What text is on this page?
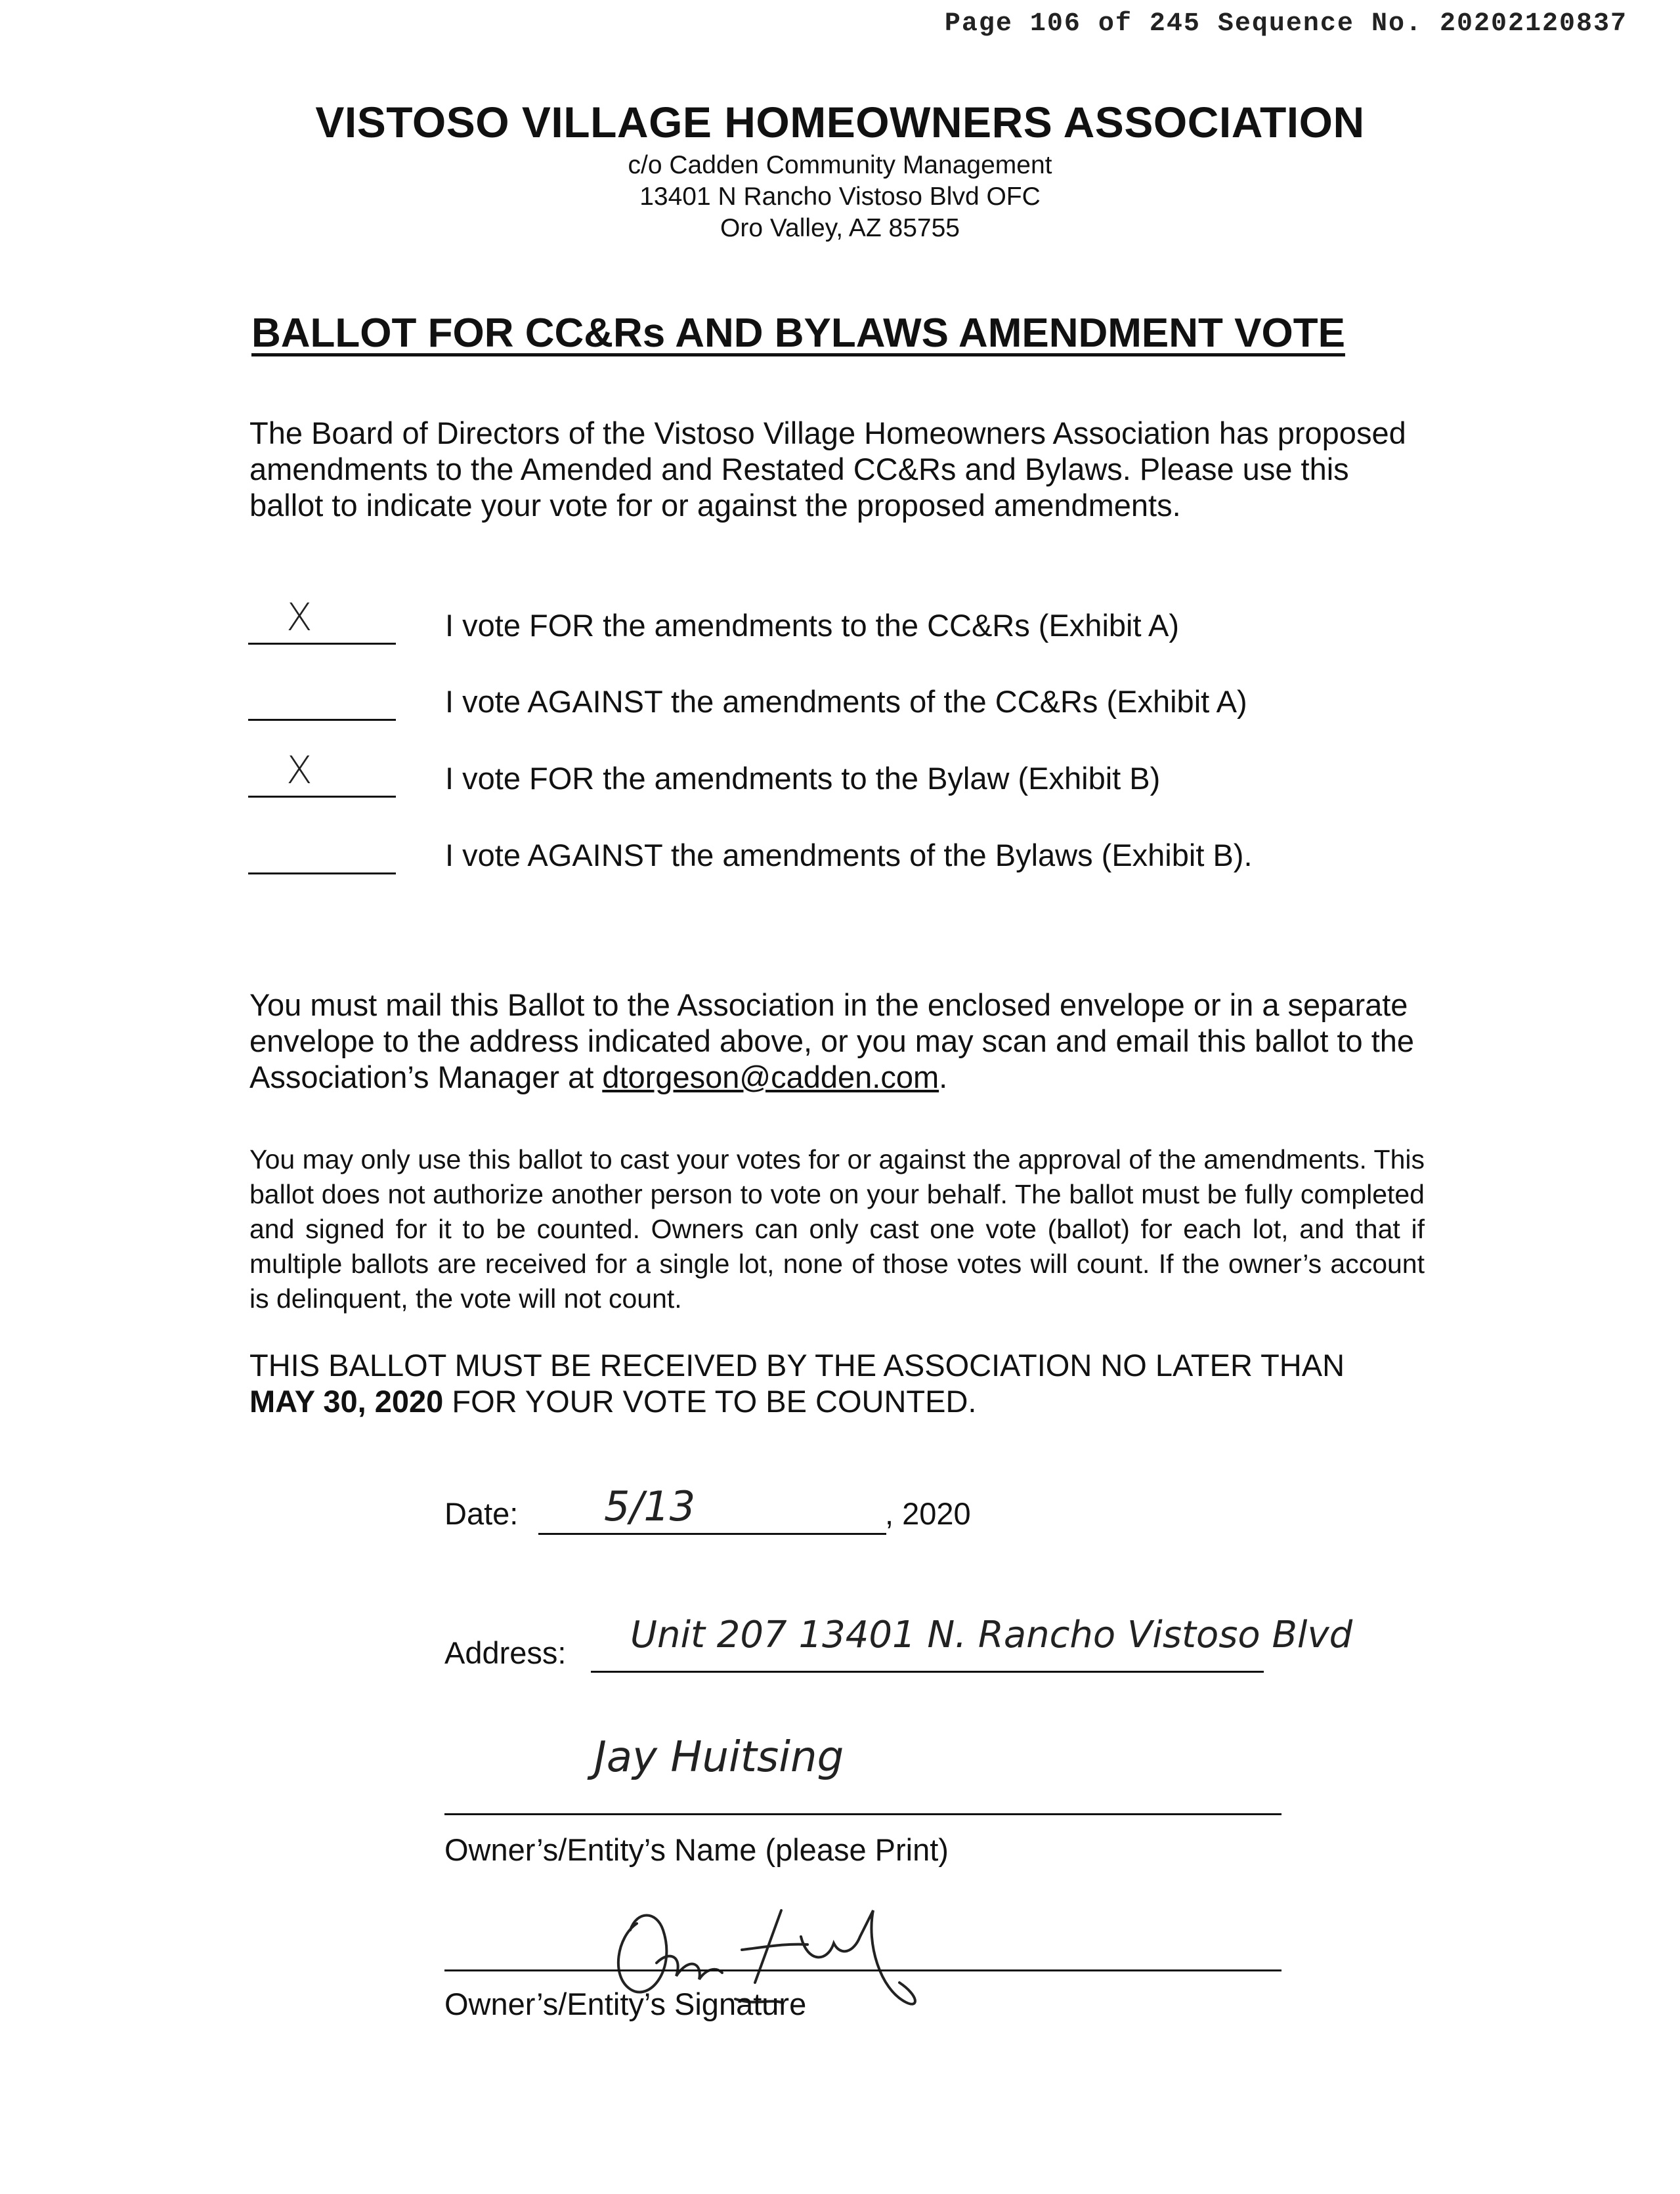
Page 106 of 245 Sequence No. 20202120837
VISTOSO VILLAGE HOMEOWNERS ASSOCIATION
c/o Cadden Community Management
13401 N Rancho Vistoso Blvd OFC
Oro Valley, AZ 85755
BALLOT FOR CC&Rs AND BYLAWS AMENDMENT VOTE
The Board of Directors of the Vistoso Village Homeowners Association has proposed amendments to the Amended and Restated CC&Rs and Bylaws. Please use this ballot to indicate your vote for or against the proposed amendments.
X	I vote FOR the amendments to the CC&Rs (Exhibit A)
I vote AGAINST the amendments of the CC&Rs (Exhibit A)
X	I vote FOR the amendments to the Bylaw (Exhibit B)
I vote AGAINST the amendments of the Bylaws (Exhibit B).
You must mail this Ballot to the Association in the enclosed envelope or in a separate envelope to the address indicated above, or you may scan and email this ballot to the Association’s Manager at dtorgeson@cadden.com.
You may only use this ballot to cast your votes for or against the approval of the amendments. This ballot does not authorize another person to vote on your behalf. The ballot must be fully completed and signed for it to be counted. Owners can only cast one vote (ballot) for each lot, and that if multiple ballots are received for a single lot, none of those votes will count. If the owner’s account is delinquent, the vote will not count.
THIS BALLOT MUST BE RECEIVED BY THE ASSOCIATION NO LATER THAN
MAY 30, 2020 FOR YOUR VOTE TO BE COUNTED.
Date: 5/13	, 2020
Address: Unit 207 13401 N. Rancho Vistoso Blvd
Jay Huitsing
Owner’s/Entity’s Name (please Print)
Owner’s/Entity’s Signature
